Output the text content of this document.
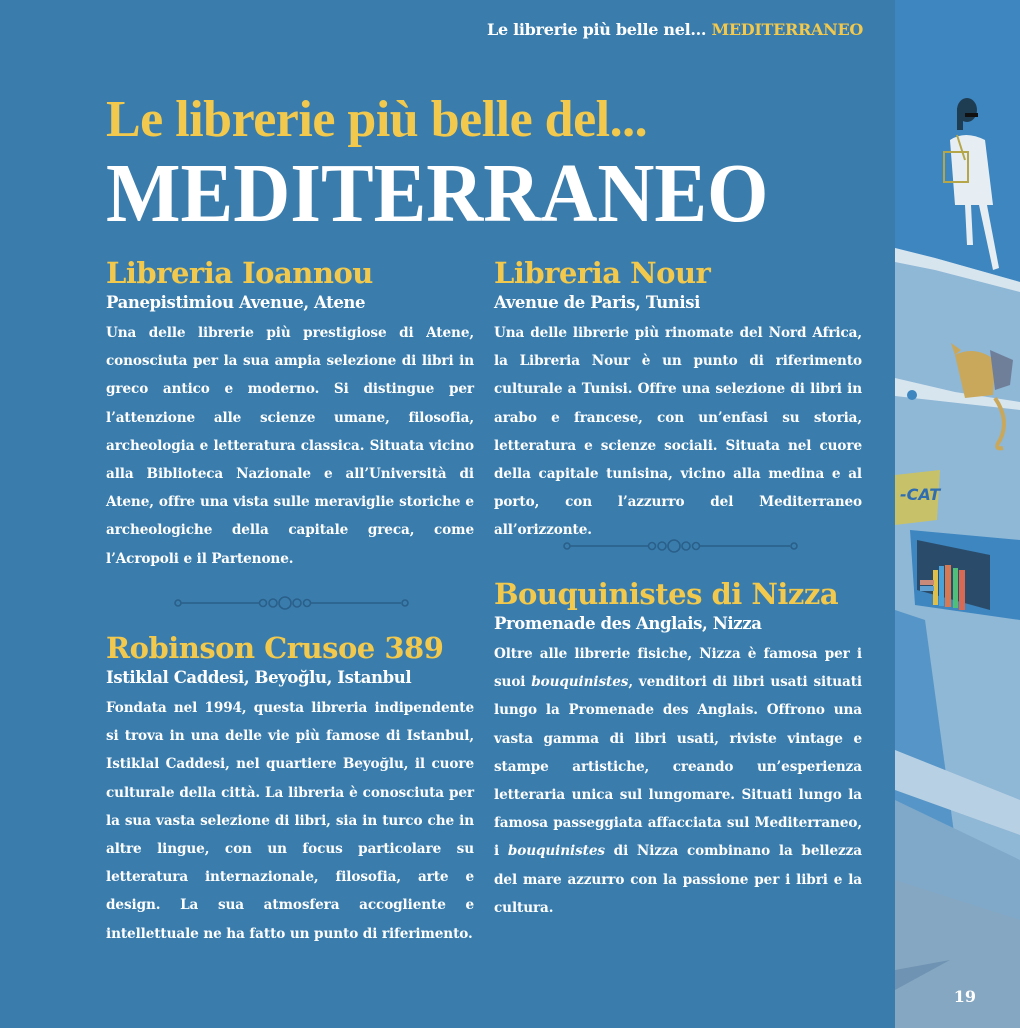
Le librerie più belle nel... MEDITERRANEO
Le librerie più belle del...
MEDITERRANEO
Libreria Ioannou
Panepistimiou Avenue, Atene

Una delle librerie più prestigiose di Atene, conosciuta per la sua ampia selezione di libri in greco antico e moderno. Si distingue per l’attenzione alle scienze umane, filosofia, archeologia e letteratura classica. Situata vicino alla Biblioteca Nazionale e all’Università di Atene, offre una vista sulle meraviglie storiche e archeologiche della capitale greca, come l’Acropoli e il Partenone.

Robinson Crusoe 389
Istiklal Caddesi, Beyoğlu, Istanbul

Fondata nel 1994, questa libreria indipendente si trova in una delle vie più famose di Istanbul, Istiklal Caddesi, nel quartiere Beyoğlu, il cuore culturale della città. La libreria è conosciuta per la sua vasta selezione di libri, sia in turco che in altre lingue, con un focus particolare su letteratura internazionale, filosofia, arte e design. La sua atmosfera accogliente e intellettuale ne ha fatto un punto di riferimento.

Libreria Nour
Avenue de Paris, Tunisi

Una delle librerie più rinomate del Nord Africa, la Libreria Nour è un punto di riferimento culturale a Tunisi. Offre una selezione di libri in arabo e francese, con un’enfasi su storia, letteratura e scienze sociali. Situata nel cuore della capitale tunisina, vicino alla medina e al porto, con l’azzurro del Mediterraneo all’orizzonte.

Bouquinistes di Nizza
Promenade des Anglais, Nizza

Oltre alle librerie fisiche, Nizza è famosa per i suoi bouquinistes, venditori di libri usati situati lungo la Promenade des Anglais. Offrono una vasta gamma di libri usati, riviste vintage e stampe artistiche, creando un’esperienza letteraria unica sul lungomare. Situati lungo la famosa passeggiata affacciata sul Mediterraneo, i bouquinistes di Nizza combinano la bellezza del mare azzurro con la passione per i libri e la cultura.

-CAT
19
